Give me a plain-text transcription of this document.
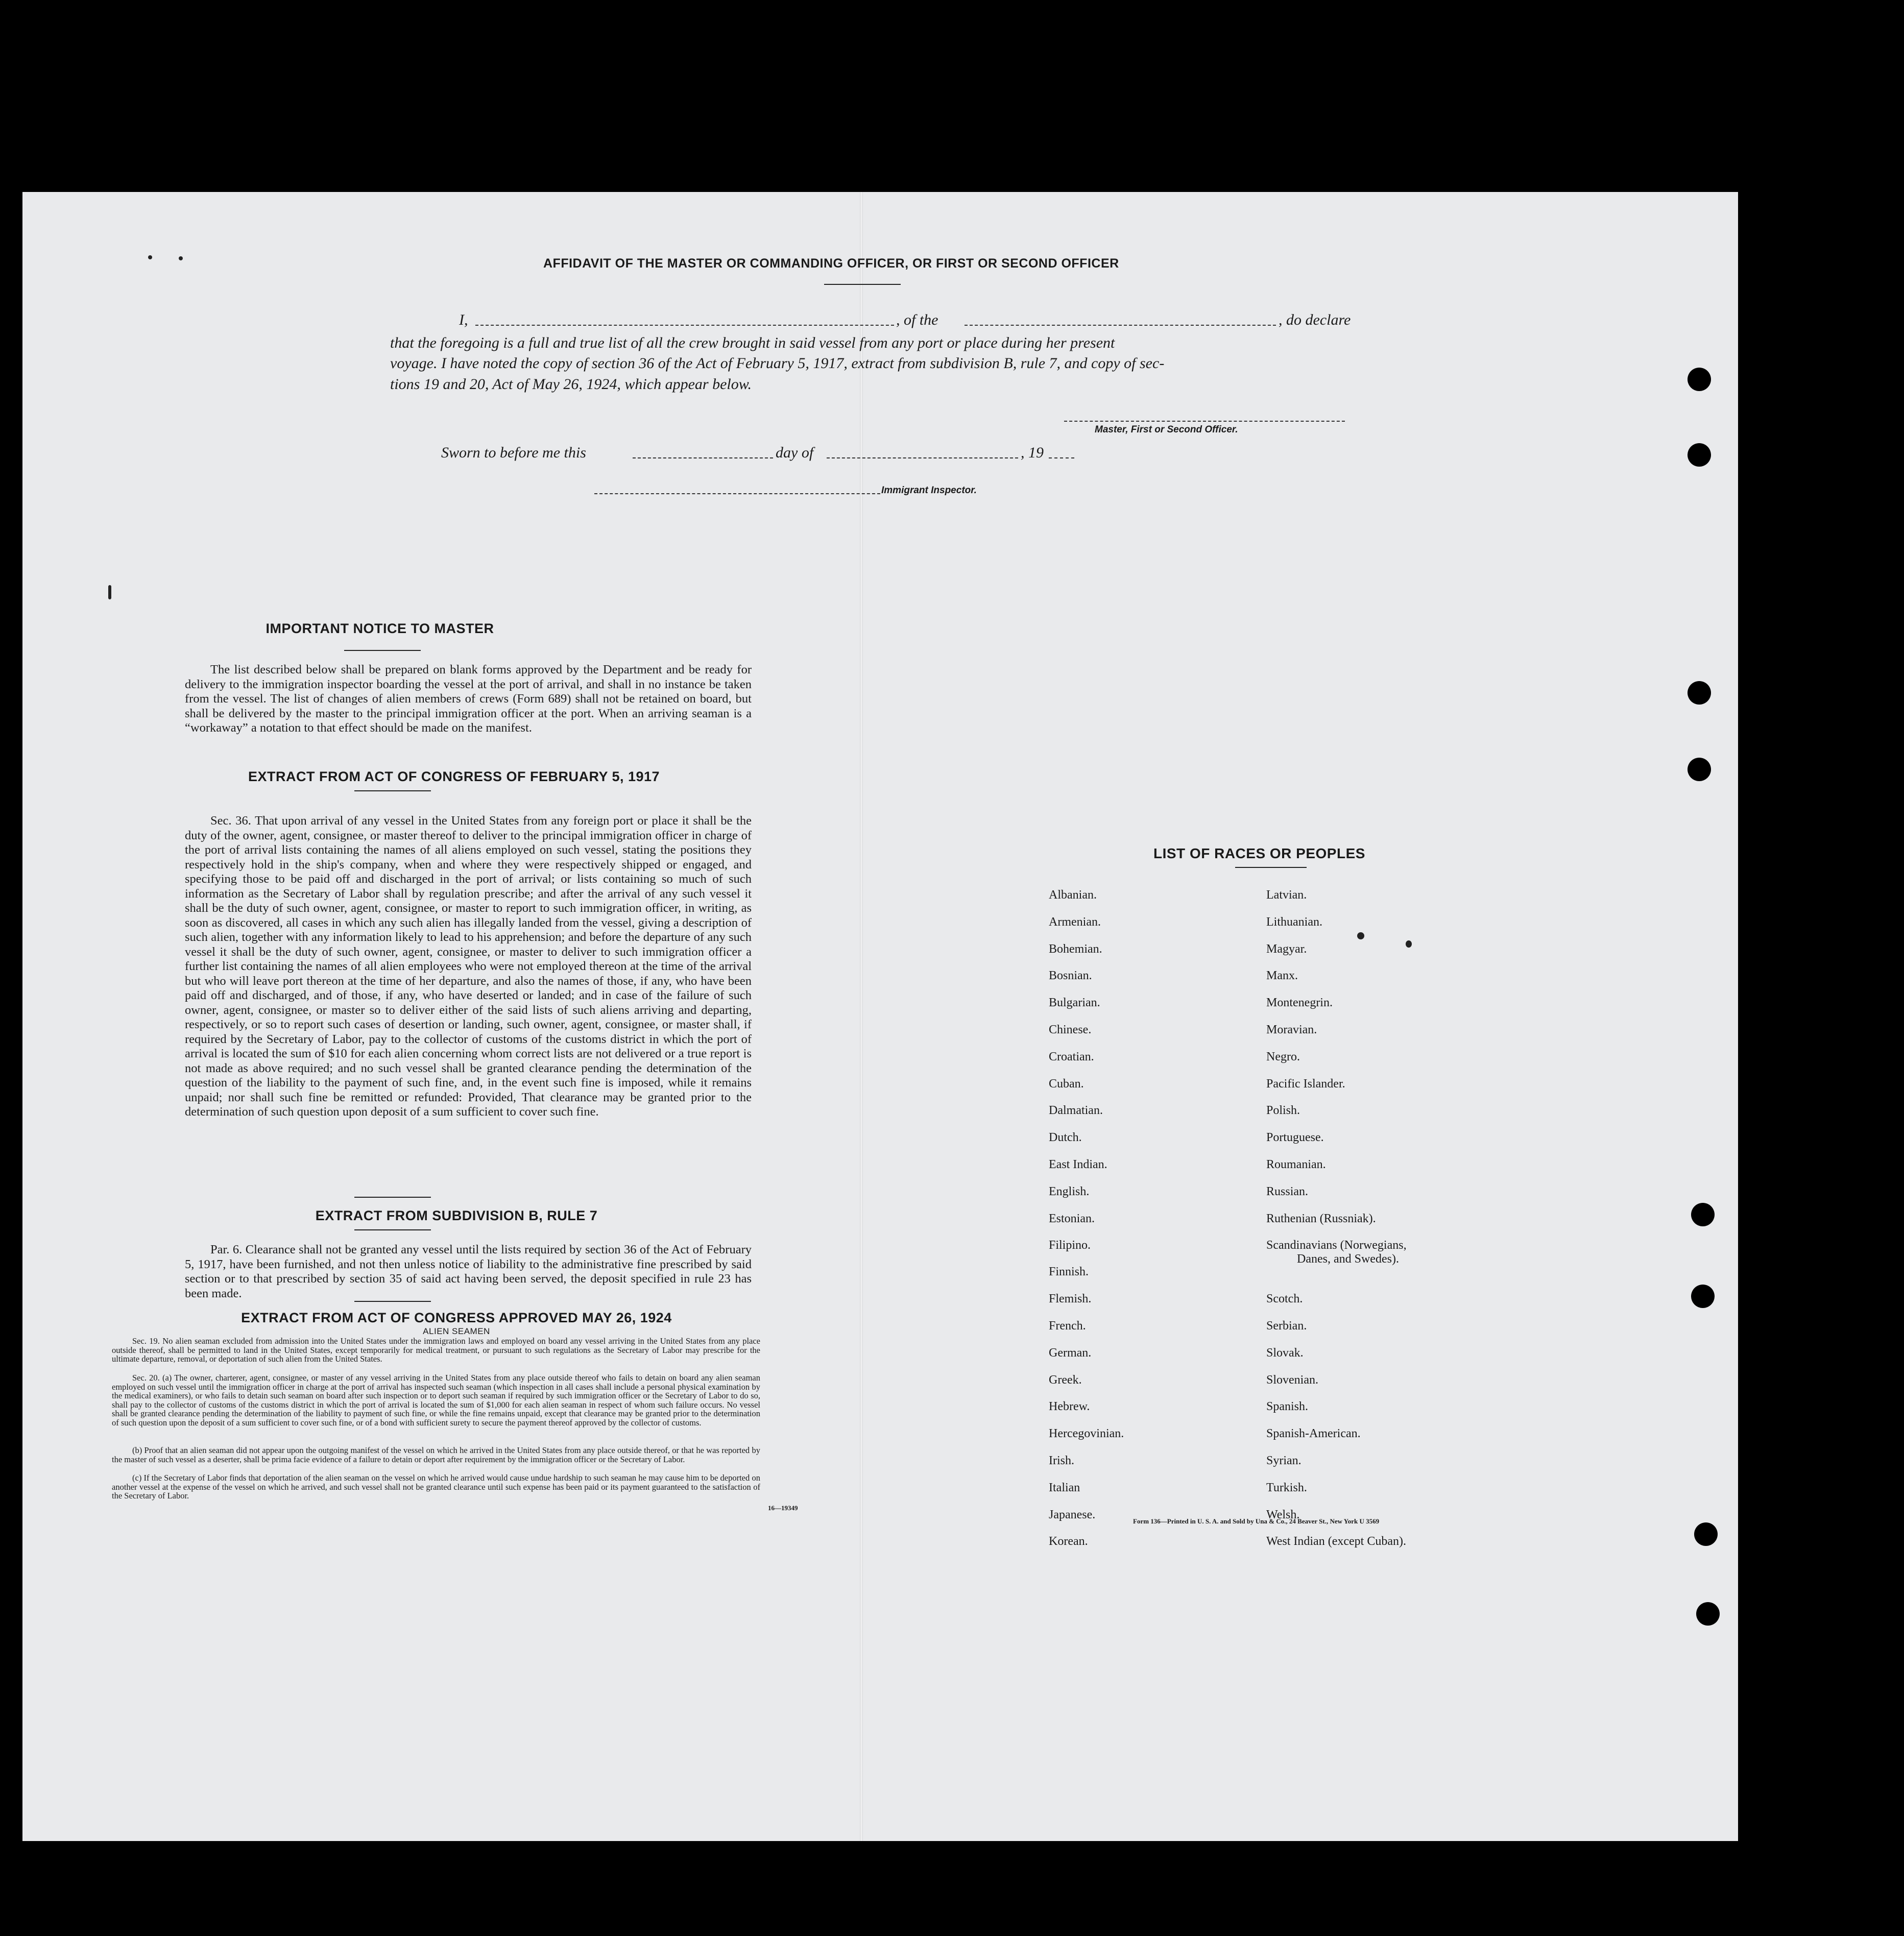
AFFIDAVIT OF THE MASTER OR COMMANDING OFFICER, OR FIRST OR SECOND OFFICER
I,	, of the	, do declare
that the foregoing is a full and true list of all the crew brought in said vessel from any port or place during her present
voyage. I have noted the copy of section 36 of the Act of February 5, 1917, extract from subdivision B, rule 7, and copy of sec-
tions 19 and 20, Act of May 26, 1924, which appear below.
Master, First or Second Officer.
Sworn to before me this	day of	, 19
Immigrant Inspector.
IMPORTANT NOTICE TO MASTER
The list described below shall be prepared on blank forms approved by the Department and be ready for delivery to the immigration inspector boarding the vessel at the port of arrival, and shall in no instance be taken from the vessel. The list of changes of alien members of crews (Form 689) shall not be retained on board, but shall be delivered by the master to the principal immigration officer at the port. When an arriving seaman is a “workaway” a notation to that effect should be made on the manifest.
EXTRACT FROM ACT OF CONGRESS OF FEBRUARY 5, 1917
Sec. 36. That upon arrival of any vessel in the United States from any foreign port or place it shall be the duty of the owner, agent, consignee, or master thereof to deliver to the principal immigration officer in charge of the port of arrival lists containing the names of all aliens employed on such vessel, stating the positions they respectively hold in the ship's company, when and where they were respectively shipped or engaged, and specifying those to be paid off and discharged in the port of arrival; or lists containing so much of such information as the Secretary of Labor shall by regulation prescribe; and after the arrival of any such vessel it shall be the duty of such owner, agent, consignee, or master to report to such immigration officer, in writing, as soon as discovered, all cases in which any such alien has illegally landed from the vessel, giving a description of such alien, together with any information likely to lead to his apprehension; and before the departure of any such vessel it shall be the duty of such owner, agent, consignee, or master to deliver to such immigration officer a further list containing the names of all alien employees who were not employed thereon at the time of the arrival but who will leave port thereon at the time of her departure, and also the names of those, if any, who have been paid off and discharged, and of those, if any, who have deserted or landed; and in case of the failure of such owner, agent, consignee, or master so to deliver either of the said lists of such aliens arriving and departing, respectively, or so to report such cases of desertion or landing, such owner, agent, consignee, or master shall, if required by the Secretary of Labor, pay to the collector of customs of the customs district in which the port of arrival is located the sum of $10 for each alien concerning whom correct lists are not delivered or a true report is not made as above required; and no such vessel shall be granted clearance pending the determination of the question of the liability to the payment of such fine, and, in the event such fine is imposed, while it remains unpaid; nor shall such fine be remitted or refunded: Provided, That clearance may be granted prior to the determination of such question upon deposit of a sum sufficient to cover such fine.
EXTRACT FROM SUBDIVISION B, RULE 7
Par. 6. Clearance shall not be granted any vessel until the lists required by section 36 of the Act of February 5, 1917, have been furnished, and not then unless notice of liability to the administrative fine prescribed by said section or to that prescribed by section 35 of said act having been served, the deposit specified in rule 23 has been made.
EXTRACT FROM ACT OF CONGRESS APPROVED MAY 26, 1924
ALIEN SEAMEN
Sec. 19. No alien seaman excluded from admission into the United States under the immigration laws and employed on board any vessel arriving in the United States from any place outside thereof, shall be permitted to land in the United States, except temporarily for medical treatment, or pursuant to such regulations as the Secretary of Labor may prescribe for the ultimate departure, removal, or deportation of such alien from the United States.
Sec. 20. (a) The owner, charterer, agent, consignee, or master of any vessel arriving in the United States from any place outside thereof who fails to detain on board any alien seaman employed on such vessel until the immigration officer in charge at the port of arrival has inspected such seaman (which inspection in all cases shall include a personal physical examination by the medical examiners), or who fails to detain such seaman on board after such inspection or to deport such seaman if required by such immigration officer or the Secretary of Labor to do so, shall pay to the collector of customs of the customs district in which the port of arrival is located the sum of $1,000 for each alien seaman in respect of whom such failure occurs. No vessel shall be granted clearance pending the determination of the liability to payment of such fine, or while the fine remains unpaid, except that clearance may be granted prior to the determination of such question upon the deposit of a sum sufficient to cover such fine, or of a bond with sufficient surety to secure the payment thereof approved by the collector of customs.
(b) Proof that an alien seaman did not appear upon the outgoing manifest of the vessel on which he arrived in the United States from any place outside thereof, or that he was reported by the master of such vessel as a deserter, shall be prima facie evidence of a failure to detain or deport after requirement by the immigration officer or the Secretary of Labor.
(c) If the Secretary of Labor finds that deportation of the alien seaman on the vessel on which he arrived would cause undue hardship to such seaman he may cause him to be deported on another vessel at the expense of the vessel on which he arrived, and such vessel shall not be granted clearance until such expense has been paid or its payment guaranteed to the satisfaction of the Secretary of Labor.
16—19349
LIST OF RACES OR PEOPLES
Form 136—Printed in U. S. A. and Sold by Una & Co., 24 Beaver St., New York U 3569
Albanian.
Armenian.
Bohemian.
Bosnian.
Bulgarian.
Chinese.
Croatian.
Cuban.
Dalmatian.
Dutch.
East Indian.
English.
Estonian.
Filipino.
Finnish.
Flemish.
French.
German.
Greek.
Hebrew.
Hercegovinian.
Irish.
Italian
Japanese.
Korean.
Latvian.
Lithuanian.
Magyar.
Manx.
Montenegrin.
Moravian.
Negro.
Pacific Islander.
Polish.
Portuguese.
Roumanian.
Russian.
Ruthenian (Russniak).
Scandinavians (Norwegians,
Danes, and Swedes).
Scotch.
Serbian.
Slovak.
Slovenian.
Spanish.
Spanish-American.
Syrian.
Turkish.
Welsh.
West Indian (except Cuban).
